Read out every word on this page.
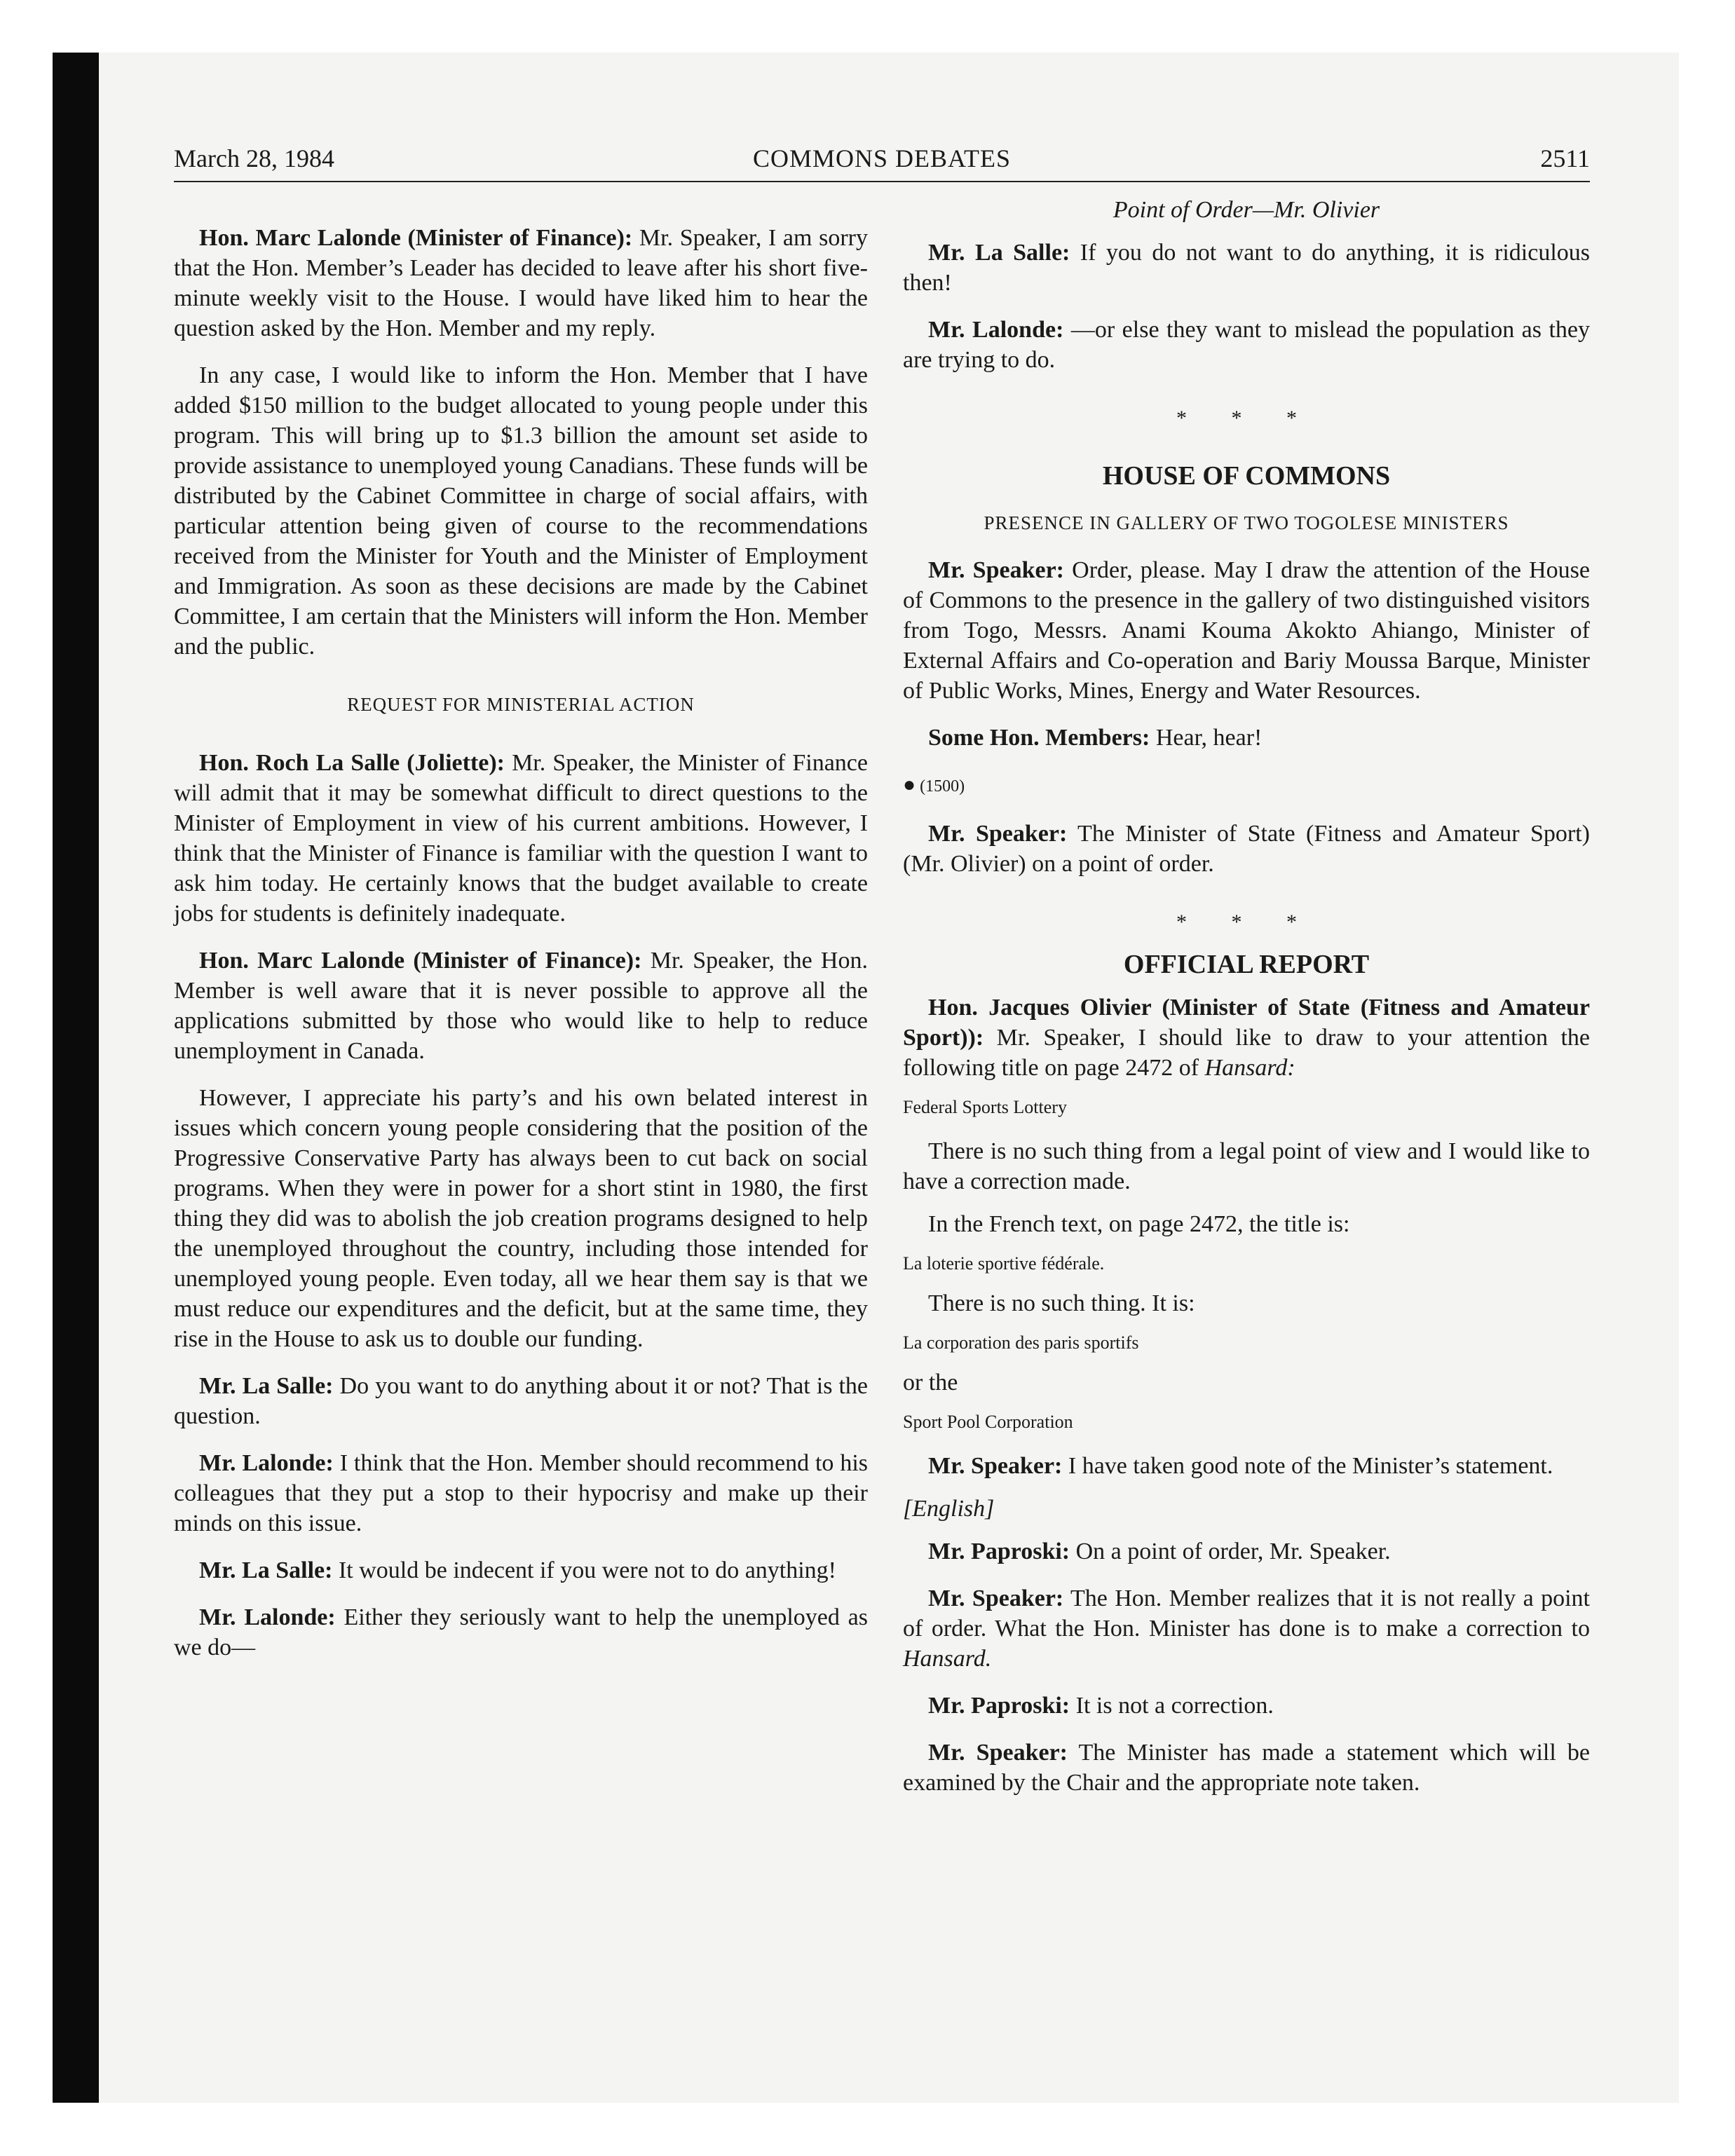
March 28, 1984	COMMONS DEBATES	2511

Hon. Marc Lalonde (Minister of Finance): Mr. Speaker, I am sorry that the Hon. Member’s Leader has decided to leave after his short five-minute weekly visit to the House. I would have liked him to hear the question asked by the Hon. Member and my reply.

In any case, I would like to inform the Hon. Member that I have added $150 million to the budget allocated to young people under this program. This will bring up to $1.3 billion the amount set aside to provide assistance to unemployed young Canadians. These funds will be distributed by the Cabinet Committee in charge of social affairs, with particular attention being given of course to the recommendations received from the Minister for Youth and the Minister of Employment and Immigration. As soon as these decisions are made by the Cabinet Committee, I am certain that the Ministers will inform the Hon. Member and the public.

REQUEST FOR MINISTERIAL ACTION

Hon. Roch La Salle (Joliette): Mr. Speaker, the Minister of Finance will admit that it may be somewhat difficult to direct questions to the Minister of Employment in view of his current ambitions. However, I think that the Minister of Finance is familiar with the question I want to ask him today. He certainly knows that the budget available to create jobs for students is definitely inadequate.

Hon. Marc Lalonde (Minister of Finance): Mr. Speaker, the Hon. Member is well aware that it is never possible to approve all the applications submitted by those who would like to help to reduce unemployment in Canada.

However, I appreciate his party’s and his own belated interest in issues which concern young people considering that the position of the Progressive Conservative Party has always been to cut back on social programs. When they were in power for a short stint in 1980, the first thing they did was to abolish the job creation programs designed to help the unemployed throughout the country, including those intended for unemployed young people. Even today, all we hear them say is that we must reduce our expenditures and the deficit, but at the same time, they rise in the House to ask us to double our funding.

Mr. La Salle: Do you want to do anything about it or not? That is the question.

Mr. Lalonde: I think that the Hon. Member should recommend to his colleagues that they put a stop to their hypocrisy and make up their minds on this issue.

Mr. La Salle: It would be indecent if you were not to do anything!

Mr. Lalonde: Either they seriously want to help the unemployed as we do—

Point of Order—Mr. Olivier

Mr. La Salle: If you do not want to do anything, it is ridiculous then!

Mr. Lalonde: —or else they want to mislead the population as they are trying to do.

* * *

HOUSE OF COMMONS

PRESENCE IN GALLERY OF TWO TOGOLESE MINISTERS

Mr. Speaker: Order, please. May I draw the attention of the House of Commons to the presence in the gallery of two distinguished visitors from Togo, Messrs. Anami Kouma Akokto Ahiango, Minister of External Affairs and Co-operation and Bariy Moussa Barque, Minister of Public Works, Mines, Energy and Water Resources.

Some Hon. Members: Hear, hear!

● (1500)

Mr. Speaker: The Minister of State (Fitness and Amateur Sport) (Mr. Olivier) on a point of order.

* * *

OFFICIAL REPORT

Hon. Jacques Olivier (Minister of State (Fitness and Amateur Sport)): Mr. Speaker, I should like to draw to your attention the following title on page 2472 of Hansard:

Federal Sports Lottery

There is no such thing from a legal point of view and I would like to have a correction made.

In the French text, on page 2472, the title is:

La loterie sportive fédérale.

There is no such thing. It is:

La corporation des paris sportifs

or the

Sport Pool Corporation

Mr. Speaker: I have taken good note of the Minister’s statement.

[English]

Mr. Paproski: On a point of order, Mr. Speaker.

Mr. Speaker: The Hon. Member realizes that it is not really a point of order. What the Hon. Minister has done is to make a correction to Hansard.

Mr. Paproski: It is not a correction.

Mr. Speaker: The Minister has made a statement which will be examined by the Chair and the appropriate note taken.
